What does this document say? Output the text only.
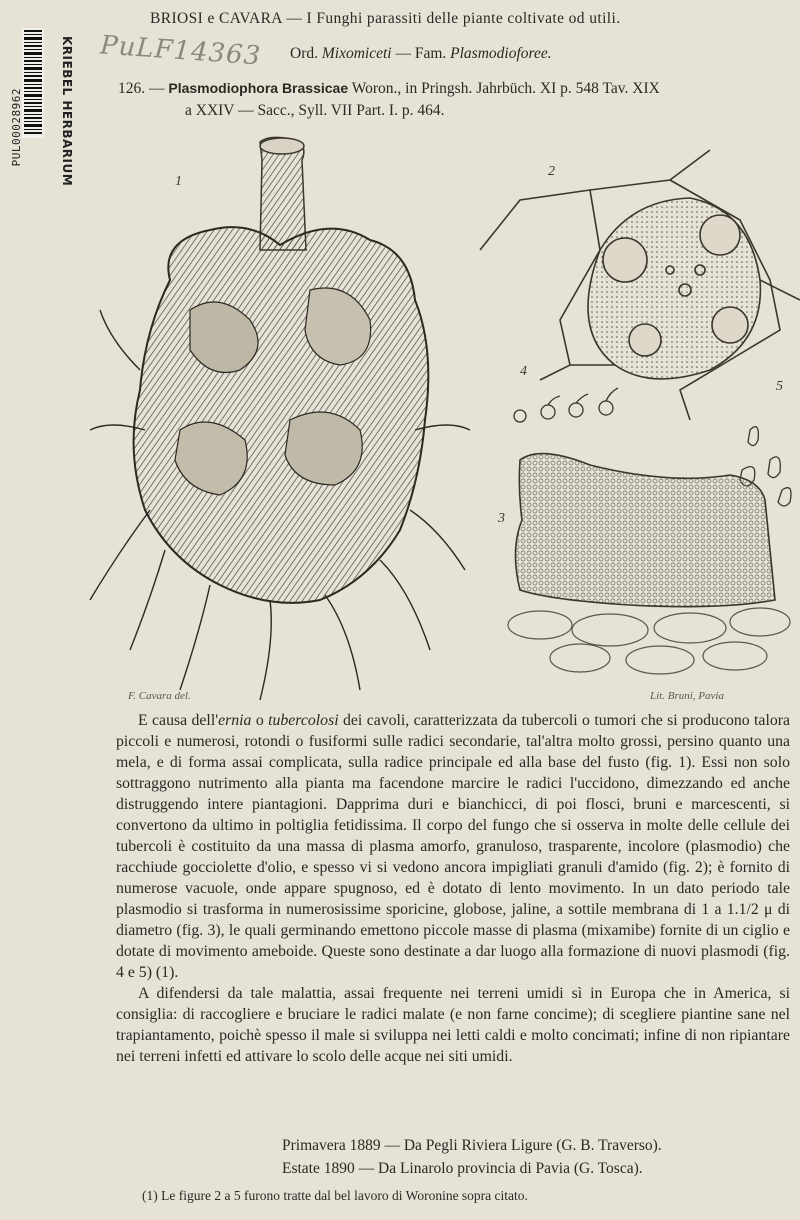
PUL00028962	KRIEBEL HERBARIUM PuLF14363
BRIOSI e CAVARA — I Funghi parassiti delle piante coltivate od utili.
Ord. Mixomiceti — Fam. Plasmodioforee.
126. — Plasmodiophora Brassicae Woron., in Pringsh. Jahrbüch. XI p. 548 Tav. XIX
a XXIV — Sacc., Syll. VII Part. I. p. 464.
1
2
4
5
3
F. Cavara del.	Lit. Bruni, Pavia

E causa dell'ernia o tubercolosi dei cavoli, caratterizzata da tubercoli o tumori che si producono talora piccoli e numerosi, rotondi o fusiformi sulle radici secondarie, tal'altra molto grossi, persino quanto una mela, e di forma assai complicata, sulla radice principale ed alla base del fusto (fig. 1). Essi non solo sottraggono nutrimento alla pianta ma facendone marcire le radici l'uccidono, dimezzando ed anche distruggendo intere piantagioni. Dapprima duri e bianchicci, di poi flosci, bruni e marcescenti, si convertono da ultimo in poltiglia fetidissima. Il corpo del fungo che si osserva in molte delle cellule dei tubercoli è costituito da una massa di plasma amorfo, granuloso, trasparente, incolore (plasmodio) che racchiude gocciolette d'olio, e spesso vi si vedono ancora impigliati granuli d'amido (fig. 2); è fornito di numerose vacuole, onde appare spugnoso, ed è dotato di lento movimento. In un dato periodo tale plasmodio si trasforma in numerosissime sporicine, globose, jaline, a sottile membrana di 1 a 1.1/2 μ di diametro (fig. 3), le quali germinando emettono piccole masse di plasma (mixamibe) fornite di un ciglio e dotate di movimento ameboide. Queste sono destinate a dar luogo alla formazione di nuovi plasmodi (fig. 4 e 5) (1).

A difendersi da tale malattia, assai frequente nei terreni umidi sì in Europa che in America, si consiglia: di raccogliere e bruciare le radici malate (e non farne concime); di scegliere piantine sane nel trapiantamento, poichè spesso il male si sviluppa nei letti caldi e molto concimati; infine di non ripiantare nei terreni infetti ed attivare lo scolo delle acque nei siti umidi.

Primavera 1889 — Da Pegli Riviera Ligure (G. B. Traverso).
Estate 1890 — Da Linarolo provincia di Pavia (G. Tosca).
(1) Le figure 2 a 5 furono tratte dal bel lavoro di Woronine sopra citato.
